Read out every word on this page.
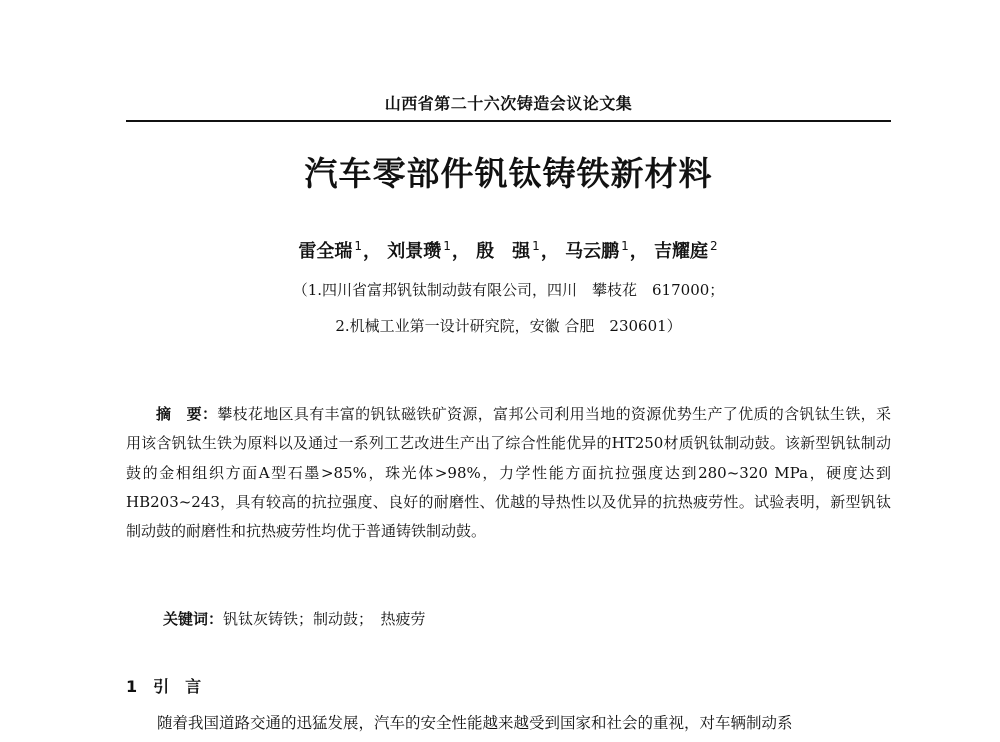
山西省第二十六次铸造会议论文集
汽车零部件钒钛铸铁新材料
雷全瑞 $^1$， 刘景瓒 $^1$， 殷　强 $^1$， 马云鹏 $^1$， 吉耀庭 $^2$
（1.四川省富邦钒钛制动鼓有限公司，四川　攀枝花　617000；
2.机械工业第一设计研究院，安徽 合肥　230601）

摘　要：攀枝花地区具有丰富的钒钛磁铁矿资源，富邦公司利用当地的资源优势生产了优质的含钒钛生铁，采用该含钒钛生铁为原料以及通过一系列工艺改进生产出了综合性能优异的HT250材质钒钛制动鼓。该新型钒钛制动鼓的金相组织方面A型石墨>85%，珠光体>98%，力学性能方面抗拉强度达到280~320 MPa，硬度达到HB203~243，具有较高的抗拉强度、良好的耐磨性、优越的导热性以及优异的抗热疲劳性。试验表明，新型钒钛制动鼓的耐磨性和抗热疲劳性均优于普通铸铁制动鼓。

关键词：钒钛灰铸铁；制动鼓；　热疲劳
1 引　言

随着我国道路交通的迅猛发展，汽车的安全性能越来越受到国家和社会的重视，对车辆制动系
